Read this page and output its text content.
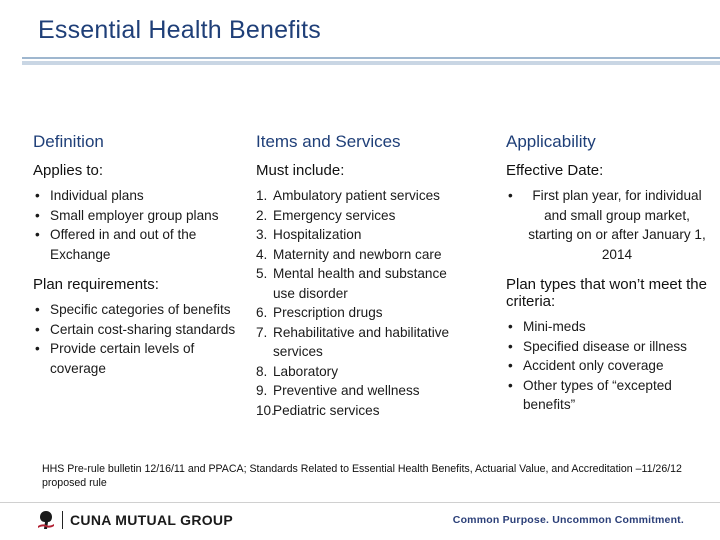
Essential Health Benefits
Definition
Applies to:
• Individual plans
• Small employer group plans
• Offered in and out of the Exchange
Plan requirements:
• Specific categories of benefits
• Certain cost-sharing standards
• Provide certain levels of coverage
Items and Services
Must include:
1. Ambulatory patient services
2. Emergency services
3. Hospitalization
4. Maternity and newborn care
5. Mental health and substance use disorder
6. Prescription drugs
7. Rehabilitative and habilitative services
8. Laboratory
9. Preventive and wellness
10.
Pediatric services
Applicability
Effective Date:
• First plan year, for individual and small group market, starting on or after January 1, 2014
Plan types that won’t meet the criteria:
• Mini-meds
• Specified disease or illness
• Accident only coverage
• Other types of “excepted benefits”
HHS Pre-rule bulletin 12/16/11 and PPACA; Standards Related to Essential Health Benefits, Actuarial Value, and Accreditation –11/26/12 proposed rule
CUNA MUTUAL GROUP	Common Purpose. Uncommon Commitment.
